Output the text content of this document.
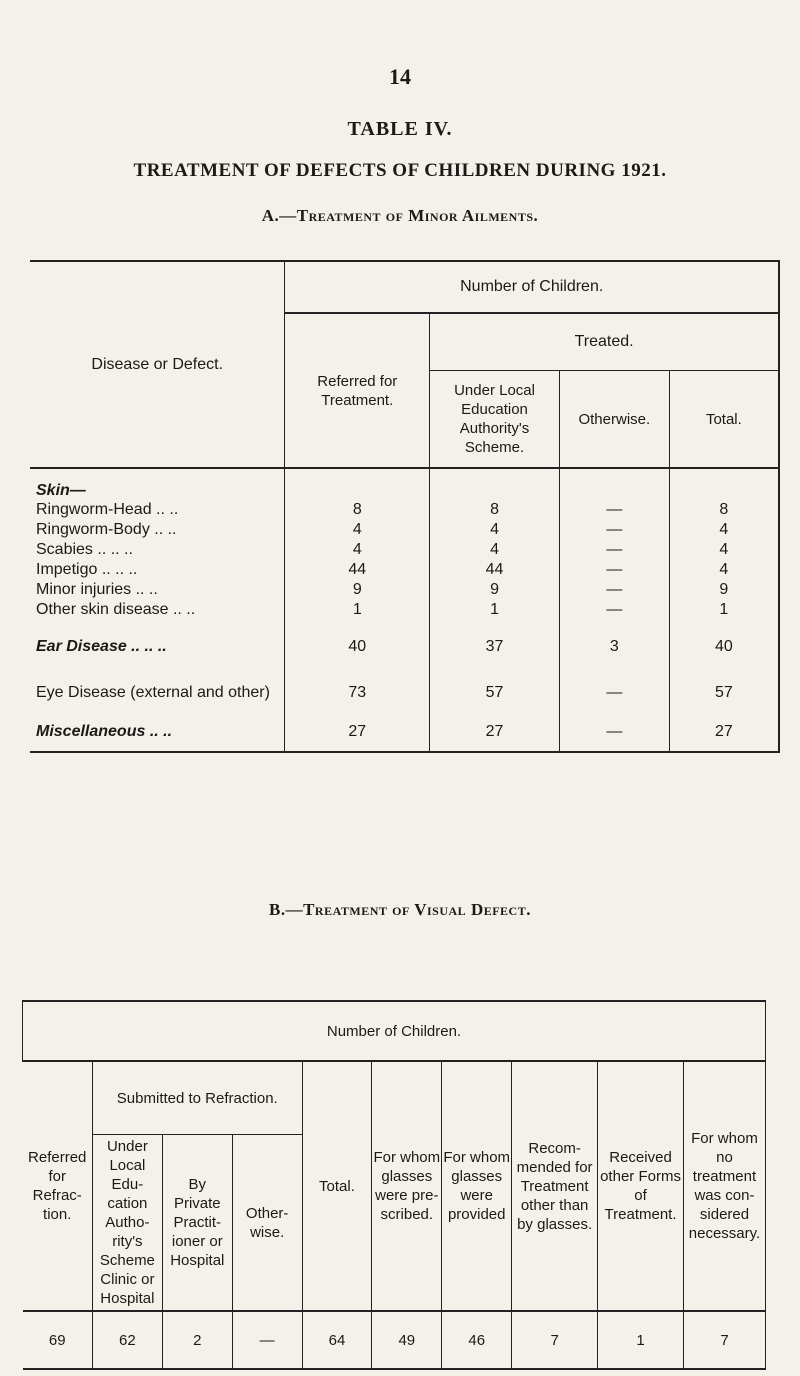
14
TABLE IV.
TREATMENT OF DEFECTS OF CHILDREN DURING 1921.
A.—Treatment of Minor Ailments.
Disease or Defect.	Number of Children.			
	Referred for Treatment.	Treated.		
		Under Local Education Authority's Scheme.	Otherwise.	Total.
Skin—				
Ringworm-Head .. ..	8	8	—	8
Ringworm-Body .. ..	4	4	—	4
Scabies .. .. ..	4	4	—	4
Impetigo .. .. ..	44	44	—	4
Minor injuries .. ..	9	9	—	9
Other skin disease .. ..	1	1	—	1
Ear Disease .. .. ..	40	37	3	40
Eye Disease (external and other)	73	57	—	57
Miscellaneous .. ..	27	27	—	27
B.—Treatment of Visual Defect.
Number of Children.									
Referred for Refrac- tion.	Submitted to Refraction.			Total.	For whom glasses were pre- scribed.	For whom glasses were provided	Recom- mended for Treatment other than by glasses.	Received other Forms of Treatment.	For whom no treatment was con- sidered necessary.
	Under Local Edu- cation Autho- rity's Scheme Clinic or Hospital	By Private Practit- ioner or Hospital	Other- wise.						
69	62	2	—	64	49	46	7	1	7
